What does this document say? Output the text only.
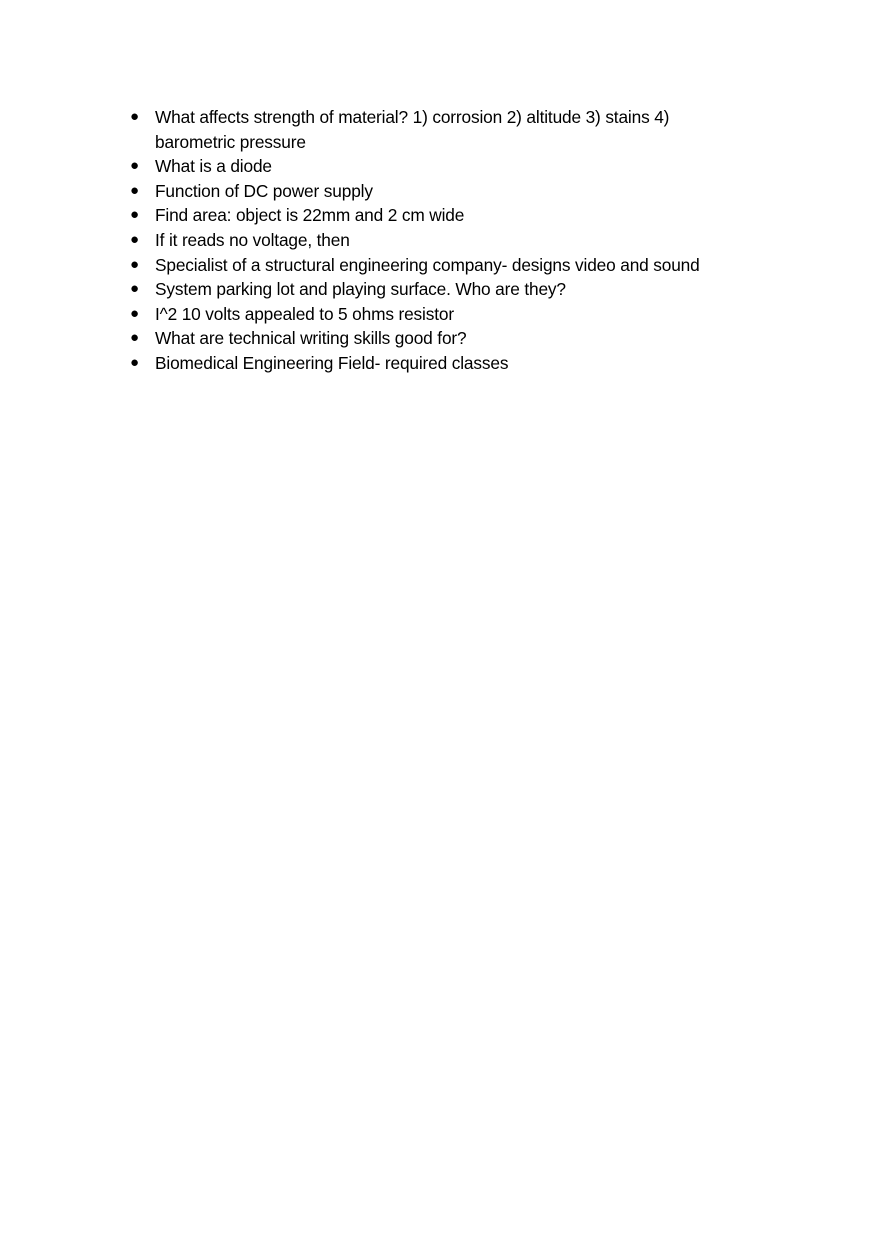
● What affects strength of material? 1) corrosion 2) altitude 3) stains 4) barometric pressure
● What is a diode
● Function of DC power supply
● Find area: object is 22mm and 2 cm wide
● If it reads no voltage, then
● Specialist of a structural engineering company- designs video and sound
● System parking lot and playing surface. Who are they?
● I^2 10 volts appealed to 5 ohms resistor
● What are technical writing skills good for?
● Biomedical Engineering Field- required classes
